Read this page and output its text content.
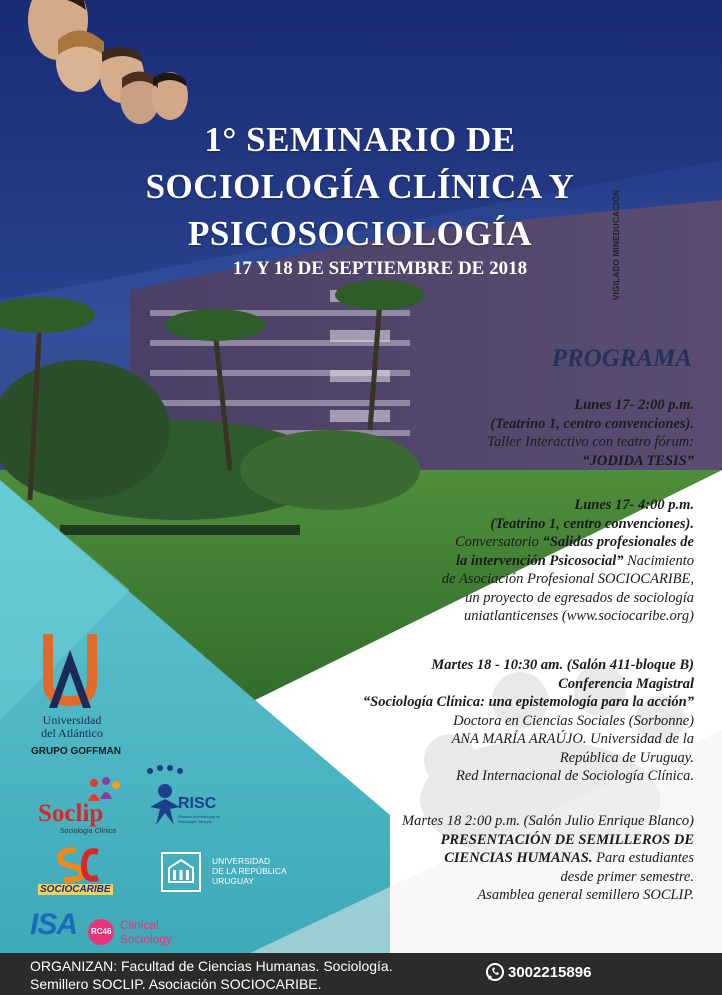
1° SEMINARIO DE
SOCIOLOGÍA CLÍNICA Y
PSICOSOCIOLOGÍA
17 Y 18 DE SEPTIEMBRE DE 2018	VIGILADO MINEDUCACIÓN
PROGRAMA
Lunes 17- 2:00 p.m.
(Teatrino 1, centro convenciones).
Taller Interactivo con teatro fórum:
“JODIDA TESIS”
Lunes 17- 4:00 p.m.
(Teatrino 1, centro convenciones).
Conversatorio “Salidas profesionales de
la intervención Psicosocial” Nacimiento
de Asociación Profesional SOCIOCARIBE,
un proyecto de egresados de sociología
uniatlanticenses (www.sociocaribe.org)
Martes 18 - 10:30 am. (Salón 411-bloque B)
Conferencia Magistral
“Sociología Clínica: una epistemología para la acción”
Doctora en Ciencias Sociales (Sorbonne)
ANA MARÍA ARAÚJO. Universidad de la
República de Uruguay.
Red Internacional de Sociología Clínica.
Martes 18 2:00 p.m. (Salón Julio Enrique Blanco)
PRESENTACIÓN DE SEMILLEROS DE
CIENCIAS HUMANAS. Para estudiantes
desde primer semestre.
Asamblea general semillero SOCLIP.
Universidad
del Atlántico
GRUPO GOFFMAN
Soclip
Sociología Clínica
RISC
Réseau International de Sociologie Clinique
SOCIOCARIBE
UNIVERSIDAD
DE LA REPÚBLICA
URUGUAY
ISA RC46 Clinical
Sociology
ORGANIZAN: Facultad de Ciencias Humanas. Sociología.
Semillero SOCLIP. Asociación SOCIOCARIBE.
3002215896
